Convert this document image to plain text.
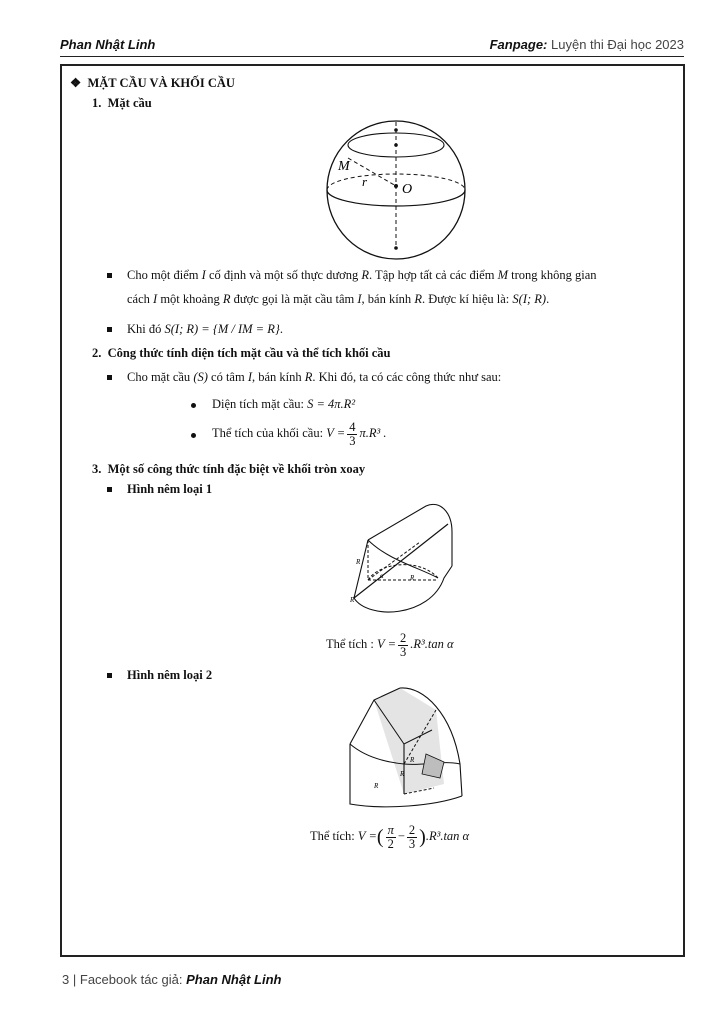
Phan Nhật Linh	Fanpage: Luyện thi Đại học 2023
❖ MẶT CẦU VÀ KHỐI CẦU
1. Mặt cầu
M
r
O
Cho một điểm I cố định và một số thực dương R. Tập hợp tất cả các điểm M trong không gian
cách I một khoảng R được gọi là mặt cầu tâm I, bán kính R. Được kí hiệu là: S(I; R).
Khi đó S(I; R) = {M / IM = R}.
2. Công thức tính diện tích mặt cầu và thể tích khối cầu
Cho mặt cầu (S) có tâm I, bán kính R. Khi đó, ta có các công thức như sau:
Diện tích mặt cầu: S = 4π.R²
Thể tích của khối cầu: $V = \frac{4}{3} \pi.R^3$ .
3. Một số công thức tính đặc biệt về khối tròn xoay
Hình nêm loại 1
R
R
R
α
Thể tích : $V = \frac{2}{3} .R^3.\tan$ α
Hình nêm loại 2
R
R
R
Thể tích: V =( $\frac{\pi}{2} - \frac{2}{3} ).R^3.\tan$ α
3 | Facebook tác giả: Phan Nhật Linh
